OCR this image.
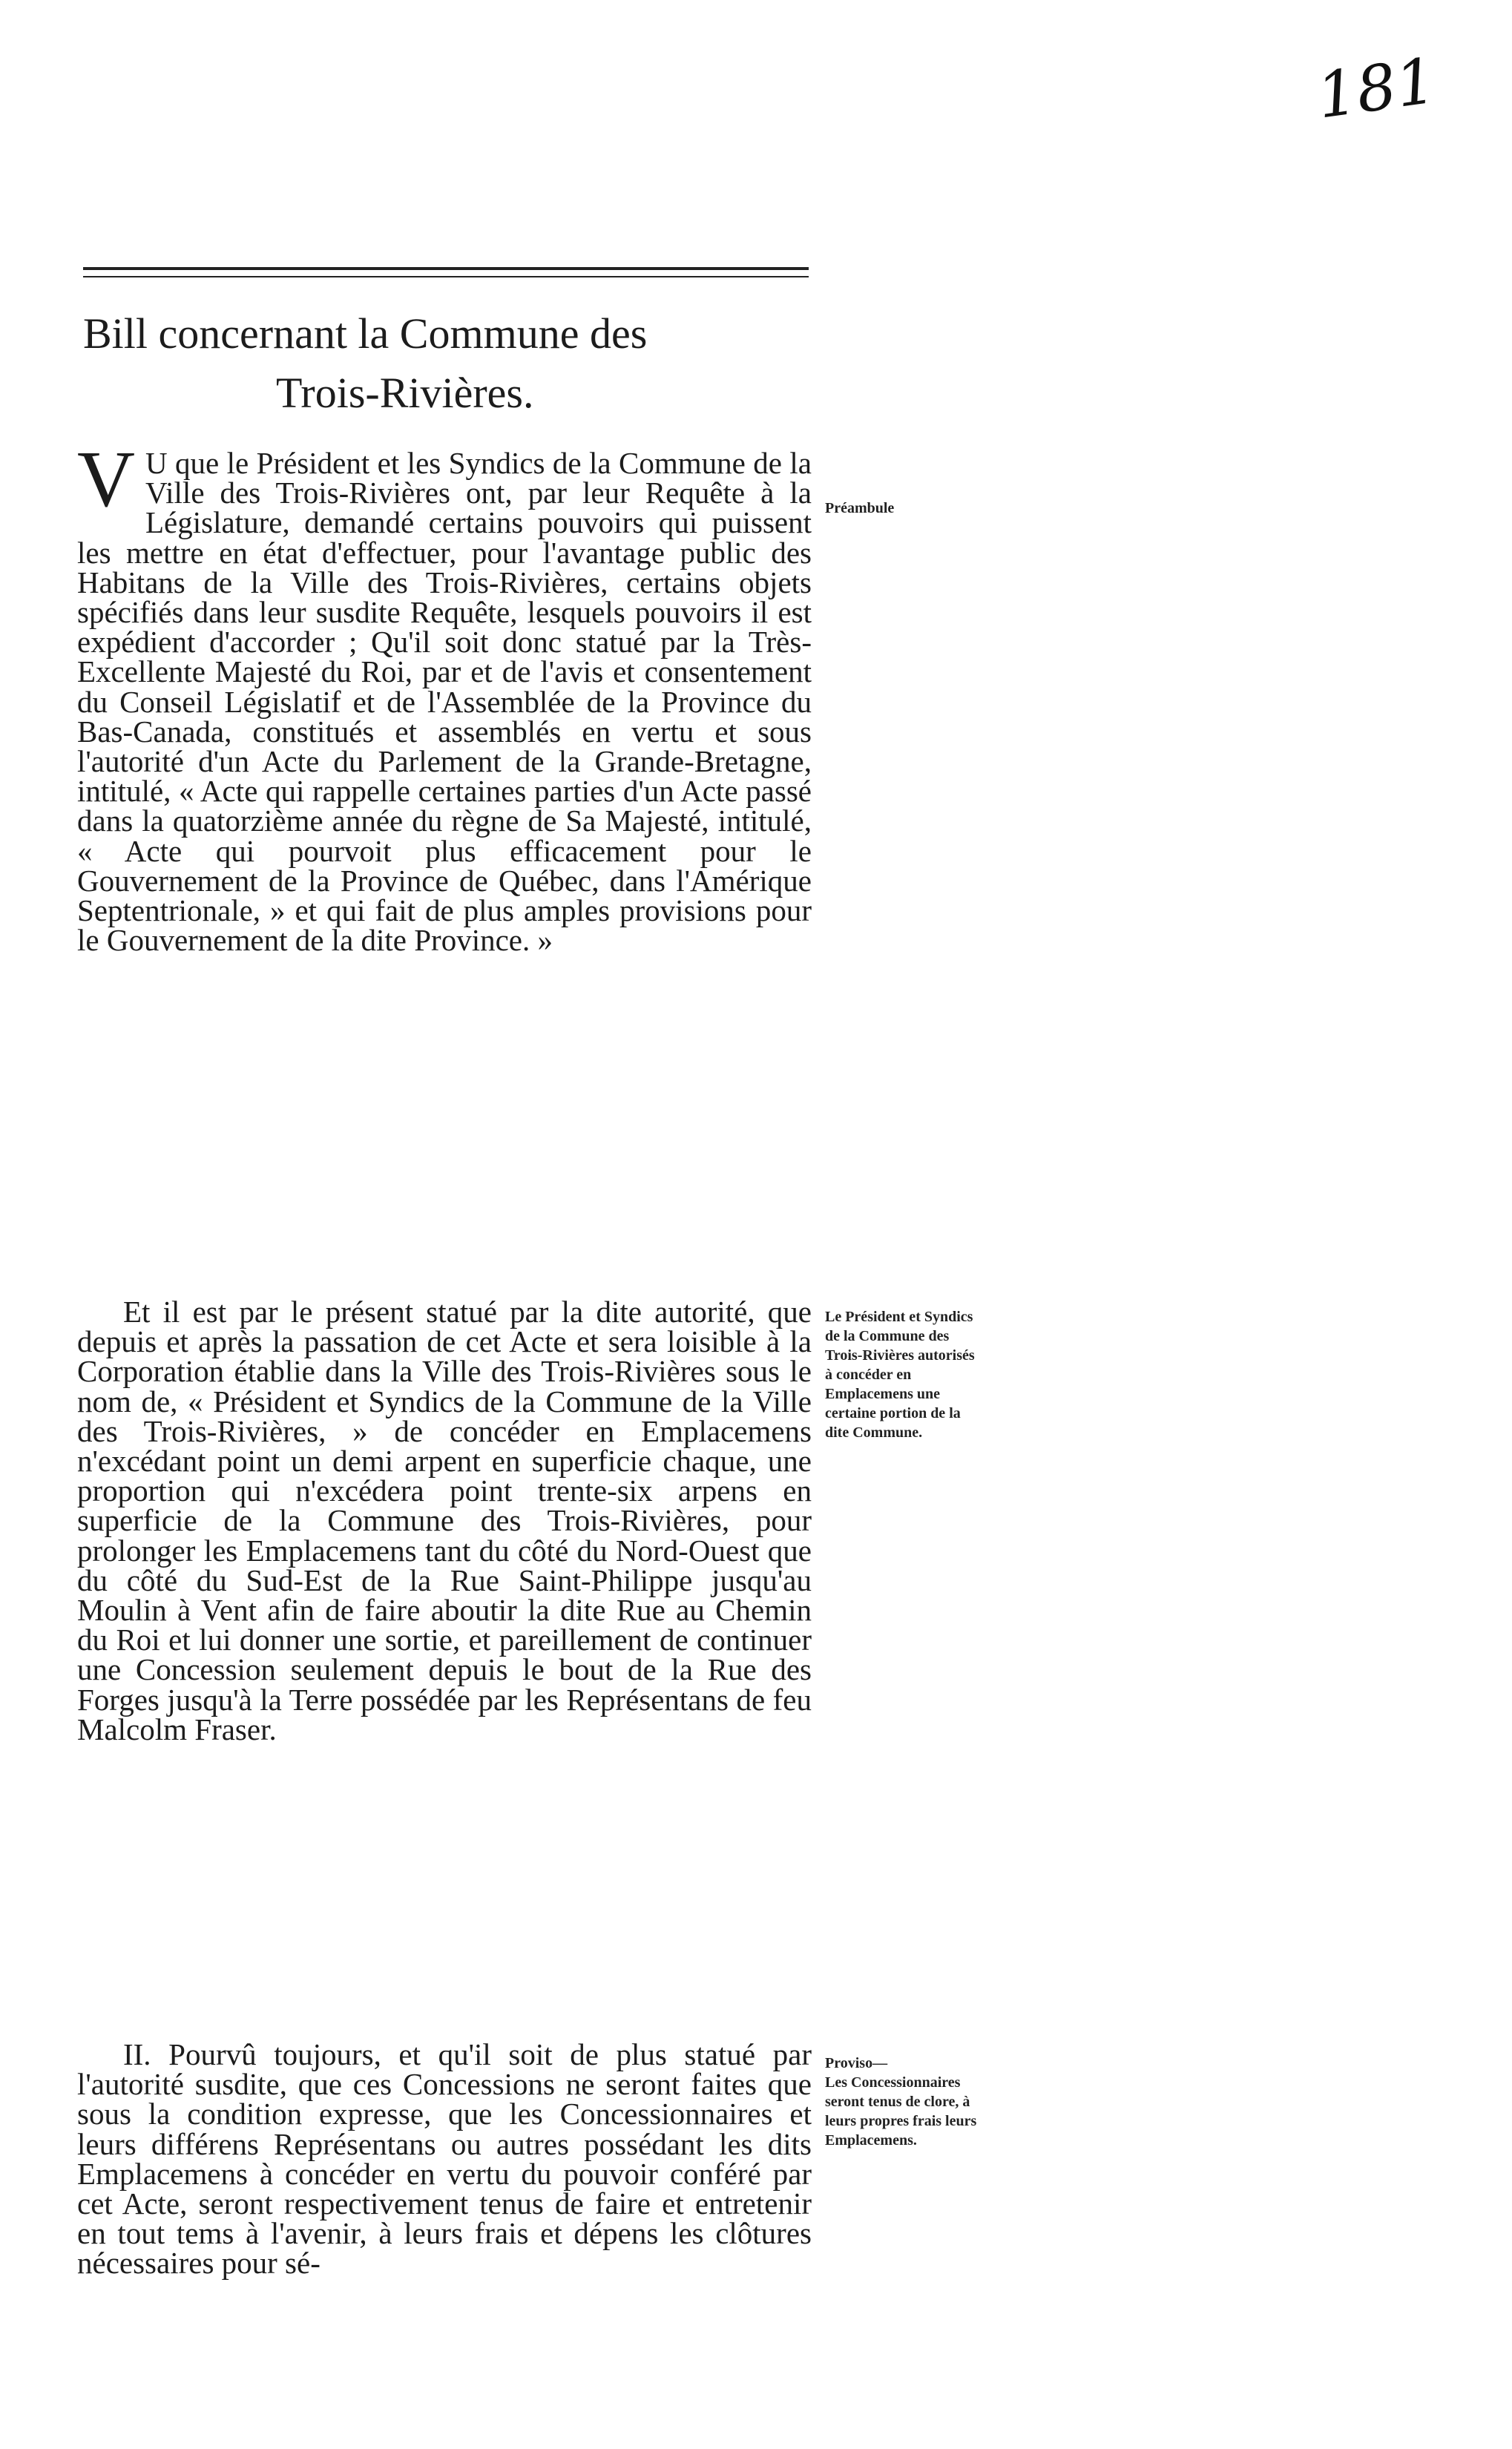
181
Bill concernant la Commune des
Trois-Rivières.

V U que le Président et les Syndics de la Commune de la Ville des Trois-Rivières ont, par leur Requête à la Législature, demandé certains pouvoirs qui puissent les mettre en état d'effectuer, pour l'avantage public des Habitans de la Ville des Trois-Rivières, certains objets spécifiés dans leur susdite Requête, lesquels pouvoirs il est expédient d'accorder ; Qu'il soit donc statué par la Très-Excellente Majesté du Roi, par et de l'avis et consentement du Conseil Législatif et de l'Assemblée de la Province du Bas-Canada, constitués et assemblés en vertu et sous l'autorité d'un Acte du Parlement de la Grande-Bretagne, intitulé, « Acte qui rappelle certaines parties d'un Acte passé dans la quatorzième année du règne de Sa Majesté, intitulé, « Acte qui pourvoit plus efficacement pour le Gouvernement de la Province de Québec, dans l'Amérique Septentrionale, » et qui fait de plus amples provisions pour le Gouvernement de la dite Province. »

Préambule

Et il est par le présent statué par la dite autorité, que depuis et après la passation de cet Acte et sera loisible à la Corporation établie dans la Ville des Trois-Rivières sous le nom de, « Président et Syndics de la Commune de la Ville des Trois-Rivières, » de concéder en Emplacemens n'excédant point un demi arpent en superficie chaque, une proportion qui n'excédera point trente-six arpens en superficie de la Commune des Trois-Rivières, pour prolonger les Emplacemens tant du côté du Nord-Ouest que du côté du Sud-Est de la Rue Saint-Philippe jusqu'au Moulin à Vent afin de faire aboutir la dite Rue au Chemin du Roi et lui donner une sortie, et pareillement de continuer une Concession seulement depuis le bout de la Rue des Forges jusqu'à la Terre possédée par les Représentans de feu Malcolm Fraser.

Le Président et Syndics de la Commune des Trois-Rivières autorisés à concéder en Emplacemens une certaine portion de la dite Commune.

II. Pourvû toujours, et qu'il soit de plus statué par l'autorité susdite, que ces Concessions ne seront faites que sous la condition expresse, que les Concessionnaires et leurs différens Représentans ou autres possédant les dits Emplacemens à concéder en vertu du pouvoir conféré par cet Acte, seront respectivement tenus de faire et entretenir en tout tems à l'avenir, à leurs frais et dépens les clôtures nécessaires pour sé-

Proviso—
Les Concessionnaires seront tenus de clore, à leurs propres frais leurs Emplacemens.
